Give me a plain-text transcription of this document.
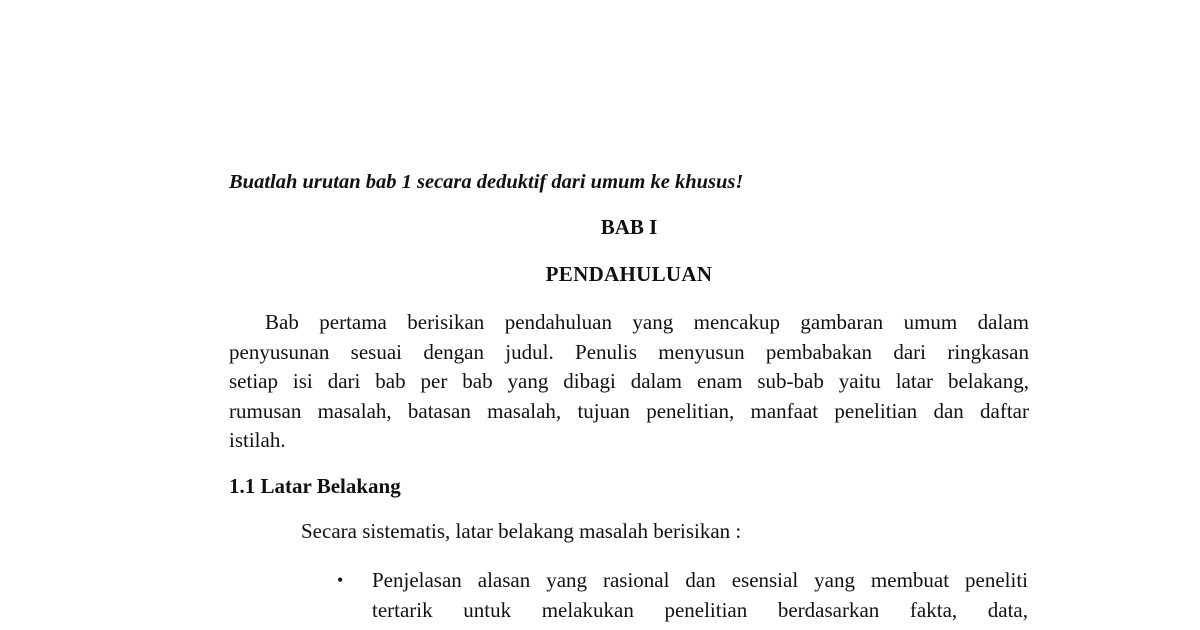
Buatlah urutan bab 1 secara deduktif dari umum ke khusus!
BAB I
PENDAHULUAN

Bab pertama berisikan pendahuluan yang mencakup gambaran umum dalam
penyusunan sesuai dengan judul. Penulis menyusun pembabakan dari ringkasan
setiap isi dari bab per bab yang dibagi dalam enam sub-bab yaitu latar belakang,
rumusan masalah, batasan masalah, tujuan penelitian, manfaat penelitian dan daftar
istilah.

1.1 Latar Belakang
Secara sistematis, latar belakang masalah berisikan :
• Penjelasan alasan yang rasional dan esensial yang membuat peneliti
tertarik untuk melakukan penelitian berdasarkan fakta, data,
